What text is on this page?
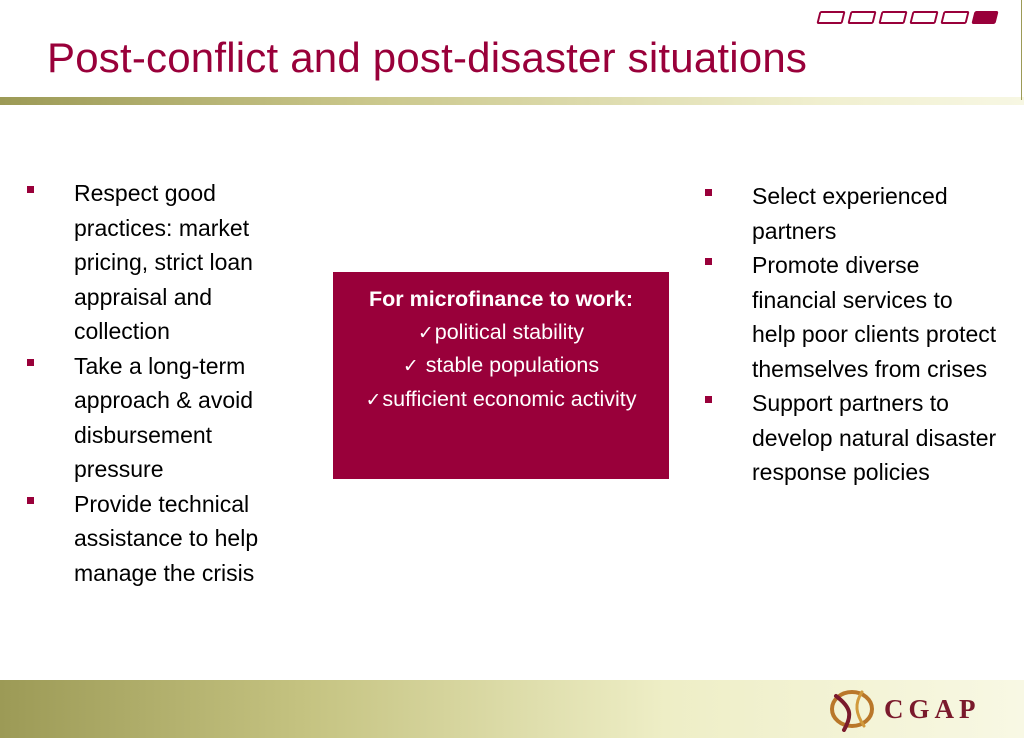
Post-conflict and post-disaster situations
Respect good practices: market pricing, strict loan appraisal and collection
Take a long-term approach & avoid disbursement pressure
Provide technical assistance to help manage the crisis
For microfinance to work:
✓political stability
✓ stable populations
✓sufficient economic activity
Select experienced partners
Promote diverse financial services to help poor clients protect themselves from crises
Support partners to develop natural disaster response policies
CGAP
